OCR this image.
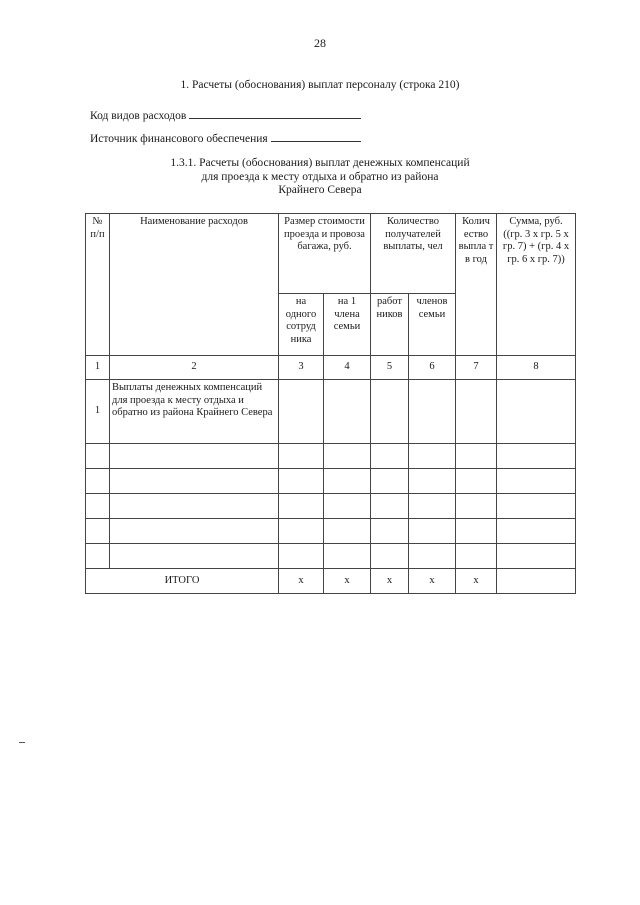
28
1. Расчеты (обоснования) выплат персоналу (строка 210)
Код видов расходов
Источник финансового обеспечения
1.3.1. Расчеты (обоснования) выплат денежных компенсаций
для проезда к месту отдыха и обратно из района
Крайнего Севера
№ п/п	Наименование расходов	Размер стоимости проезда и провоза багажа, руб.		Количество получателей выплаты, чел		Колич ество выпла т в год	Сумма, руб. ((гр. 3 х гр. 5 х гр. 7) + (гр. 4 х гр. 6 х гр. 7))
		на одного сотруд ника	на 1 члена семьи	работ ников	членов семьи		
1	2	3	4	5	6	7	8
1	Выплаты денежных компенсаций для проезда к месту отдыха и обратно из района Крайнего Севера						

ИТОГО		x	x	x	x	x	
